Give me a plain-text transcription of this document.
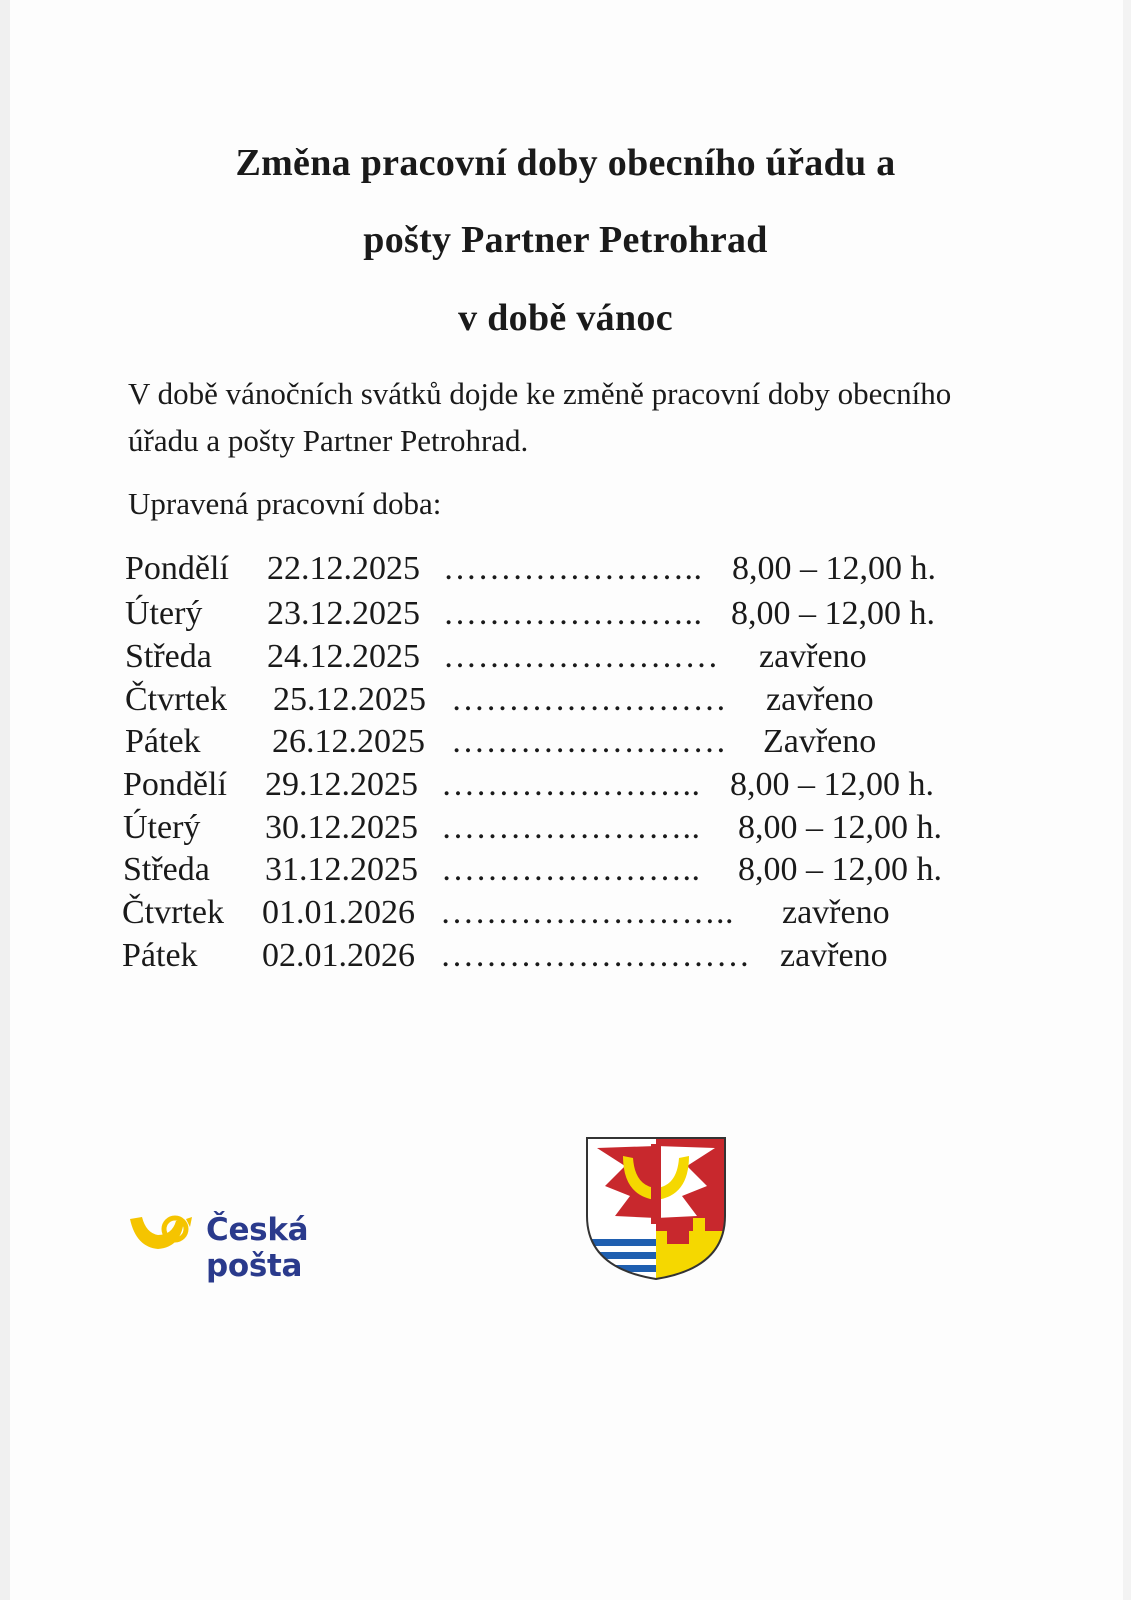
Změna pracovní doby obecního úřadu a
pošty Partner Petrohrad
v době vánoc
V době vánočních svátků dojde ke změně pracovní doby obecního úřadu a pošty Partner Petrohrad.
Upravená pracovní doba:
Pondělí 22.12.2025 ………………….. 8,00 – 12,00 h.
Úterý 23.12.2025 ………………….. 8,00 – 12,00 h.
Středa 24.12.2025 …………………… zavřeno
Čtvrtek 25.12.2025 …………………… zavřeno
Pátek 26.12.2025 …………………… Zavřeno
Pondělí 29.12.2025 ………………….. 8,00 – 12,00 h.
Úterý 30.12.2025 ………………….. 8,00 – 12,00 h.
Středa 31.12.2025 ………………….. 8,00 – 12,00 h.
Čtvrtek 01.01.2026 …………………….. zavřeno
Pátek 02.01.2026 ……………………… zavřeno
Česká pošta
